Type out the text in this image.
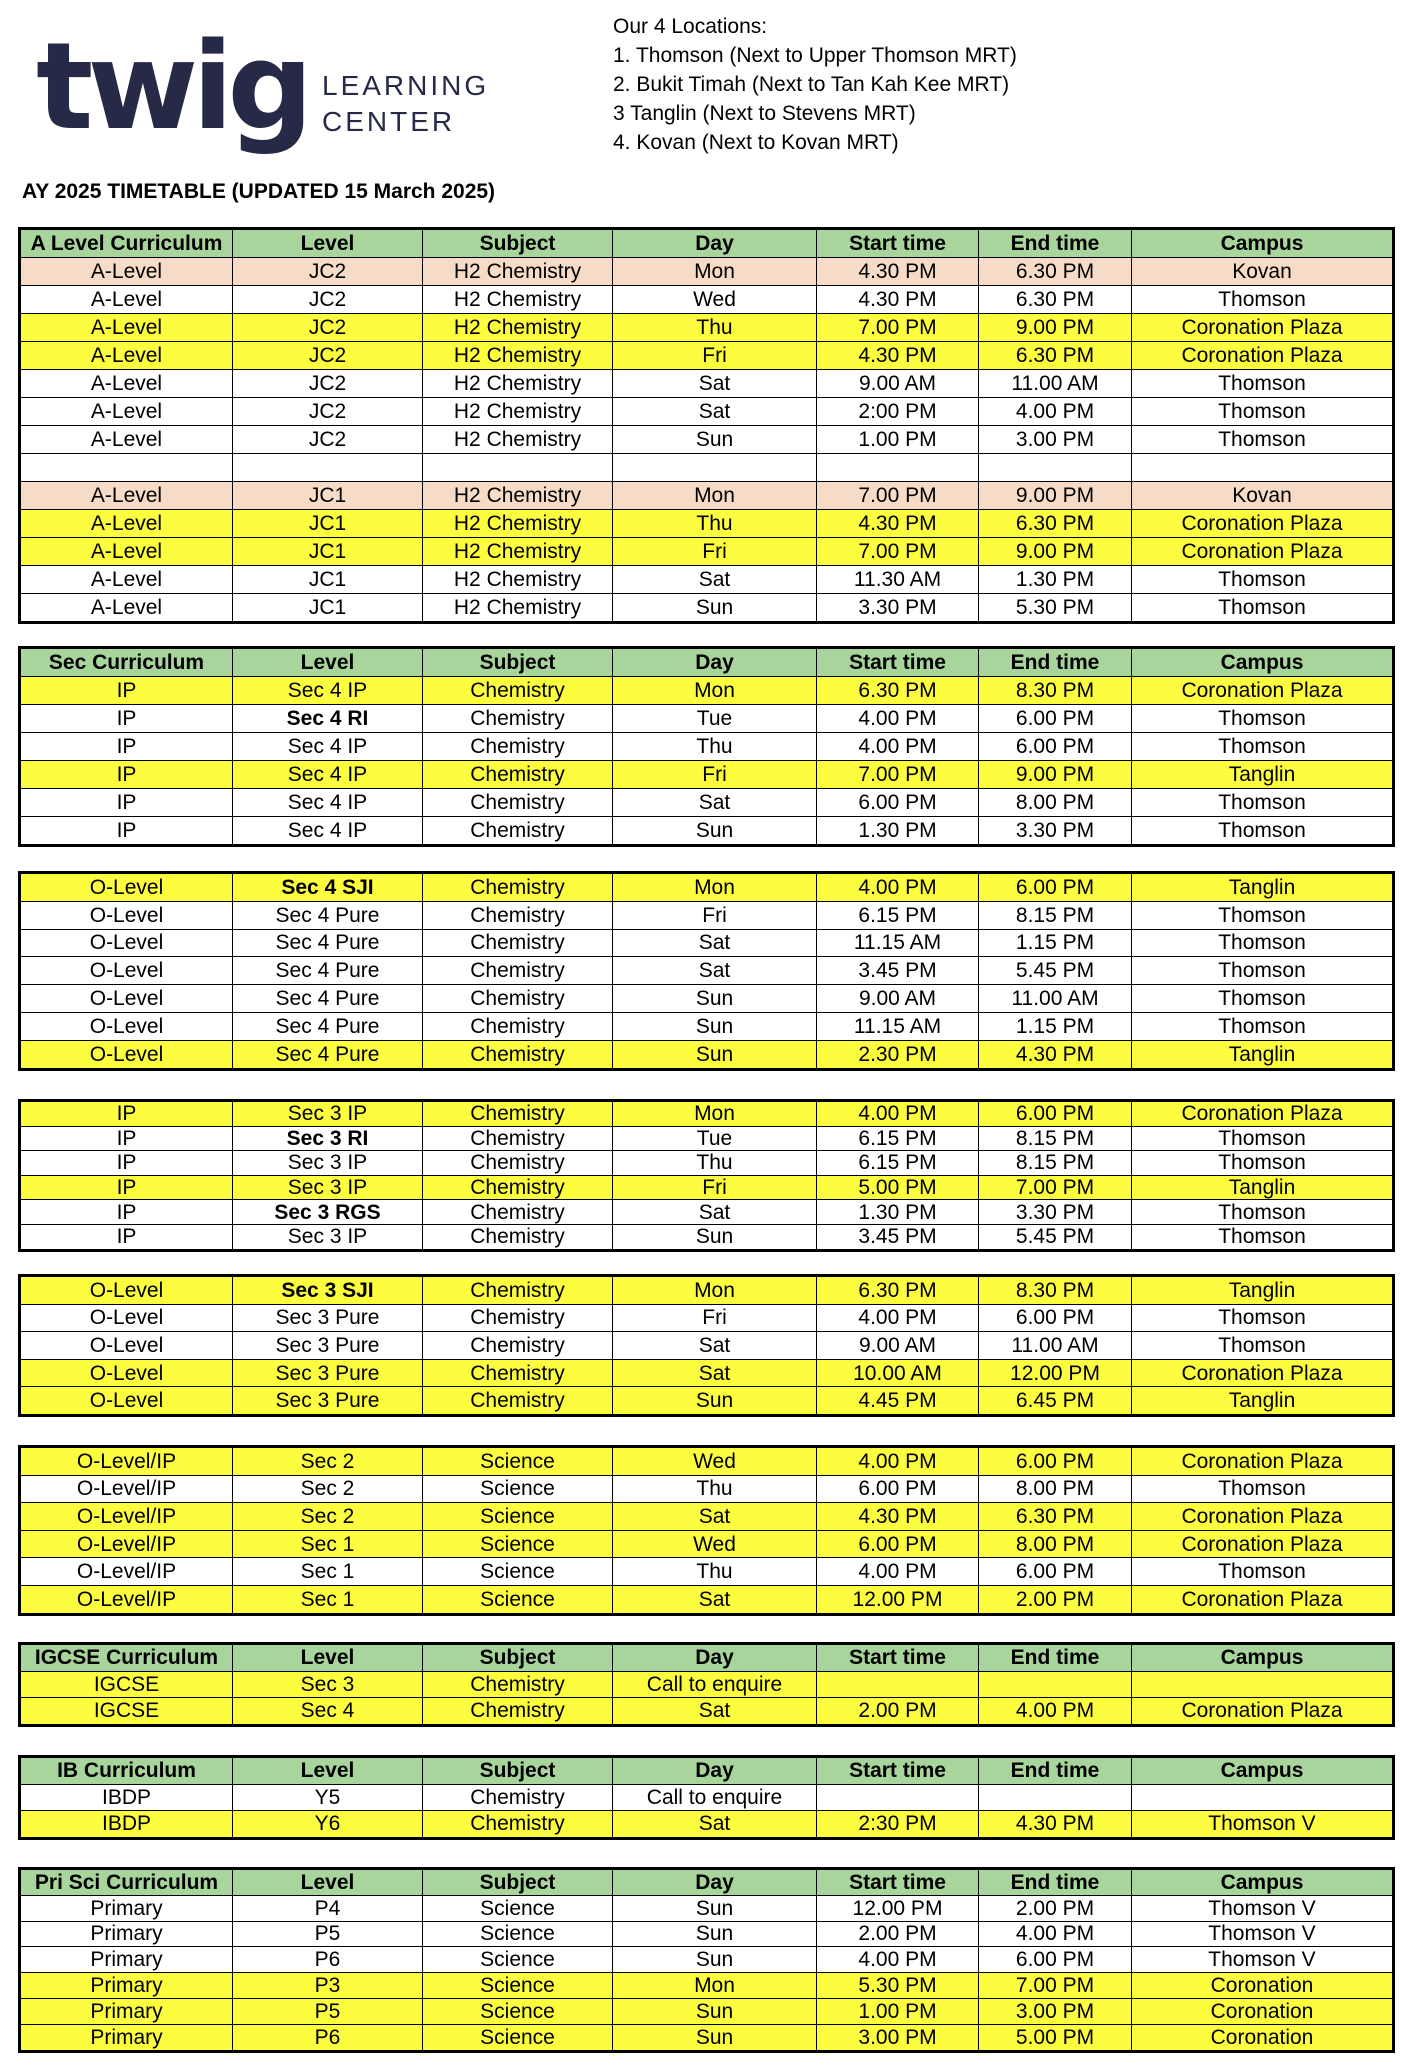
twig LEARNING
CENTER
AY 2025 TIMETABLE (UPDATED 15 March 2025)
Our 4 Locations:
1. Thomson (Next to Upper Thomson MRT)
2. Bukit Timah (Next to Tan Kah Kee MRT)
3 Tanglin (Next to Stevens MRT)
4. Kovan (Next to Kovan MRT)
A Level Curriculum	Level	Subject	Day	Start time	End time	Campus
A-Level	JC2	H2 Chemistry	Mon	4.30 PM	6.30 PM	Kovan
A-Level	JC2	H2 Chemistry	Wed	4.30 PM	6.30 PM	Thomson
A-Level	JC2	H2 Chemistry	Thu	7.00 PM	9.00 PM	Coronation Plaza
A-Level	JC2	H2 Chemistry	Fri	4.30 PM	6.30 PM	Coronation Plaza
A-Level	JC2	H2 Chemistry	Sat	9.00 AM	11.00 AM	Thomson
A-Level	JC2	H2 Chemistry	Sat	2:00 PM	4.00 PM	Thomson
A-Level	JC2	H2 Chemistry	Sun	1.00 PM	3.00 PM	Thomson

A-Level	JC1	H2 Chemistry	Mon	7.00 PM	9.00 PM	Kovan
A-Level	JC1	H2 Chemistry	Thu	4.30 PM	6.30 PM	Coronation Plaza
A-Level	JC1	H2 Chemistry	Fri	7.00 PM	9.00 PM	Coronation Plaza
A-Level	JC1	H2 Chemistry	Sat	11.30 AM	1.30 PM	Thomson
A-Level	JC1	H2 Chemistry	Sun	3.30 PM	5.30 PM	Thomson
Sec Curriculum	Level	Subject	Day	Start time	End time	Campus
IP	Sec 4 IP	Chemistry	Mon	6.30 PM	8.30 PM	Coronation Plaza
IP	Sec 4 RI	Chemistry	Tue	4.00 PM	6.00 PM	Thomson
IP	Sec 4 IP	Chemistry	Thu	4.00 PM	6.00 PM	Thomson
IP	Sec 4 IP	Chemistry	Fri	7.00 PM	9.00 PM	Tanglin
IP	Sec 4 IP	Chemistry	Sat	6.00 PM	8.00 PM	Thomson
IP	Sec 4 IP	Chemistry	Sun	1.30 PM	3.30 PM	Thomson
O-Level	Sec 4 SJI	Chemistry	Mon	4.00 PM	6.00 PM	Tanglin
O-Level	Sec 4 Pure	Chemistry	Fri	6.15 PM	8.15 PM	Thomson
O-Level	Sec 4 Pure	Chemistry	Sat	11.15 AM	1.15 PM	Thomson
O-Level	Sec 4 Pure	Chemistry	Sat	3.45 PM	5.45 PM	Thomson
O-Level	Sec 4 Pure	Chemistry	Sun	9.00 AM	11.00 AM	Thomson
O-Level	Sec 4 Pure	Chemistry	Sun	11.15 AM	1.15 PM	Thomson
O-Level	Sec 4 Pure	Chemistry	Sun	2.30 PM	4.30 PM	Tanglin
IP	Sec 3 IP	Chemistry	Mon	4.00 PM	6.00 PM	Coronation Plaza
IP	Sec 3 RI	Chemistry	Tue	6.15 PM	8.15 PM	Thomson
IP	Sec 3 IP	Chemistry	Thu	6.15 PM	8.15 PM	Thomson
IP	Sec 3 IP	Chemistry	Fri	5.00 PM	7.00 PM	Tanglin
IP	Sec 3 RGS	Chemistry	Sat	1.30 PM	3.30 PM	Thomson
IP	Sec 3 IP	Chemistry	Sun	3.45 PM	5.45 PM	Thomson
O-Level	Sec 3 SJI	Chemistry	Mon	6.30 PM	8.30 PM	Tanglin
O-Level	Sec 3 Pure	Chemistry	Fri	4.00 PM	6.00 PM	Thomson
O-Level	Sec 3 Pure	Chemistry	Sat	9.00 AM	11.00 AM	Thomson
O-Level	Sec 3 Pure	Chemistry	Sat	10.00 AM	12.00 PM	Coronation Plaza
O-Level	Sec 3 Pure	Chemistry	Sun	4.45 PM	6.45 PM	Tanglin
O-Level/IP	Sec 2	Science	Wed	4.00 PM	6.00 PM	Coronation Plaza
O-Level/IP	Sec 2	Science	Thu	6.00 PM	8.00 PM	Thomson
O-Level/IP	Sec 2	Science	Sat	4.30 PM	6.30 PM	Coronation Plaza
O-Level/IP	Sec 1	Science	Wed	6.00 PM	8.00 PM	Coronation Plaza
O-Level/IP	Sec 1	Science	Thu	4.00 PM	6.00 PM	Thomson
O-Level/IP	Sec 1	Science	Sat	12.00 PM	2.00 PM	Coronation Plaza
IGCSE Curriculum	Level	Subject	Day	Start time	End time	Campus
IGCSE	Sec 3	Chemistry	Call to enquire			
IGCSE	Sec 4	Chemistry	Sat	2.00 PM	4.00 PM	Coronation Plaza
IB Curriculum	Level	Subject	Day	Start time	End time	Campus
IBDP	Y5	Chemistry	Call to enquire			
IBDP	Y6	Chemistry	Sat	2:30 PM	4.30 PM	Thomson V
Pri Sci Curriculum	Level	Subject	Day	Start time	End time	Campus
Primary	P4	Science	Sun	12.00 PM	2.00 PM	Thomson V
Primary	P5	Science	Sun	2.00 PM	4.00 PM	Thomson V
Primary	P6	Science	Sun	4.00 PM	6.00 PM	Thomson V
Primary	P3	Science	Mon	5.30 PM	7.00 PM	Coronation
Primary	P5	Science	Sun	1.00 PM	3.00 PM	Coronation
Primary	P6	Science	Sun	3.00 PM	5.00 PM	Coronation
